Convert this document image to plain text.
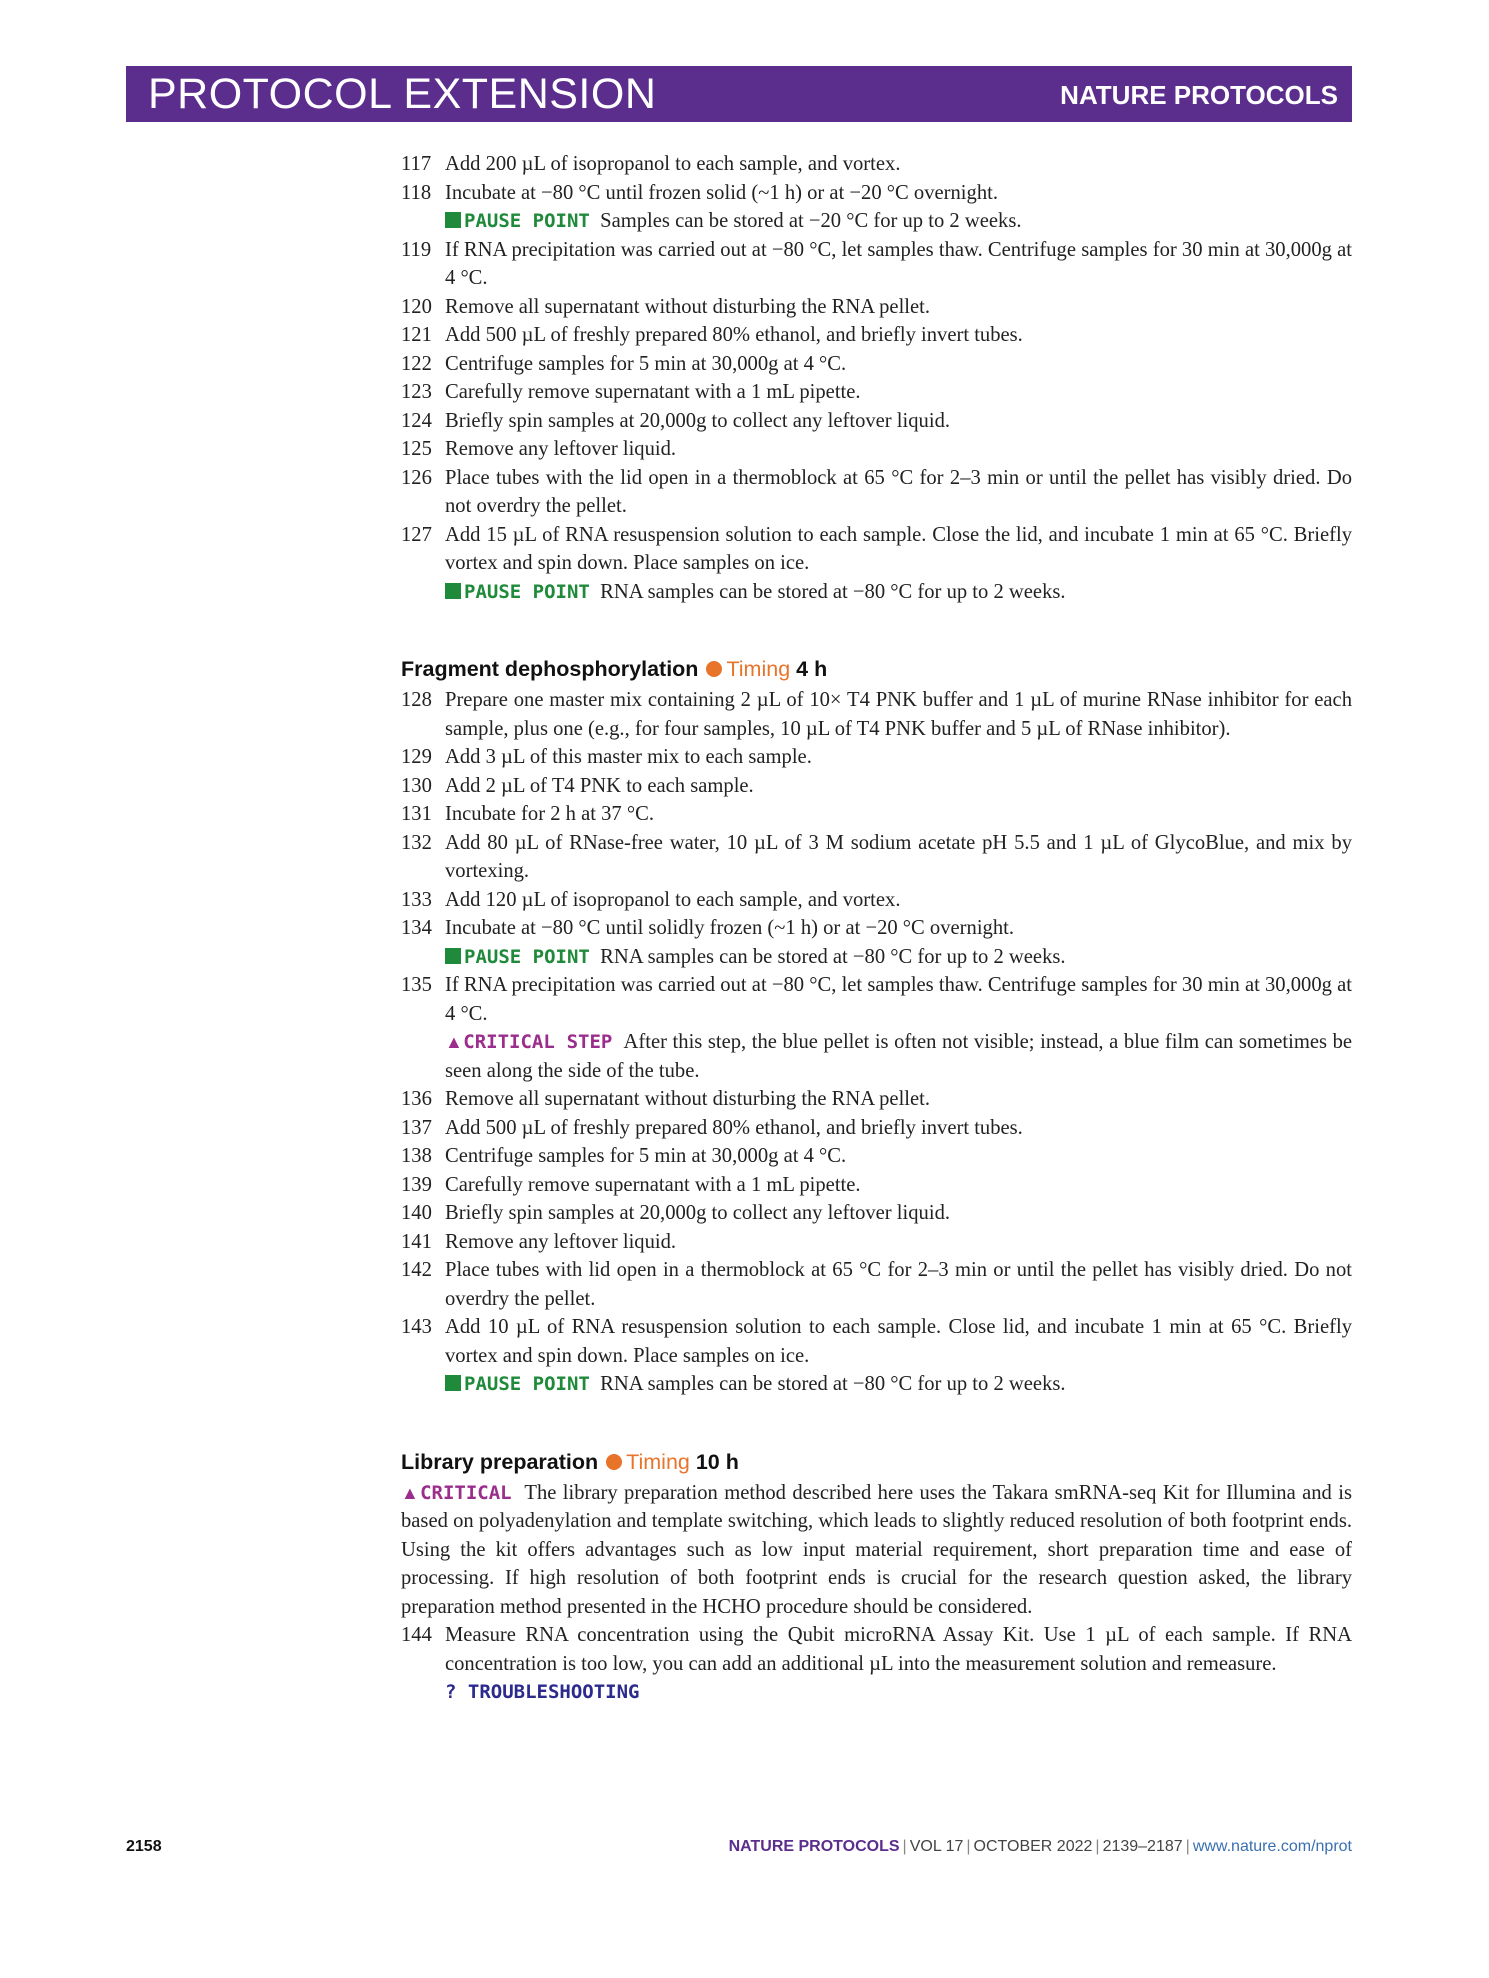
PROTOCOL EXTENSION	NATURE PROTOCOLS
117 Add 200 µL of isopropanol to each sample, and vortex.
118 Incubate at −80 °C until frozen solid (~1 h) or at −20 °C overnight.
PAUSE POINT Samples can be stored at −20 °C for up to 2 weeks.
119 If RNA precipitation was carried out at −80 °C, let samples thaw. Centrifuge samples for 30 min at 30,000g at 4 °C.
120 Remove all supernatant without disturbing the RNA pellet.
121 Add 500 µL of freshly prepared 80% ethanol, and briefly invert tubes.
122 Centrifuge samples for 5 min at 30,000g at 4 °C.
123 Carefully remove supernatant with a 1 mL pipette.
124 Briefly spin samples at 20,000g to collect any leftover liquid.
125 Remove any leftover liquid.
126 Place tubes with the lid open in a thermoblock at 65 °C for 2–3 min or until the pellet has visibly dried. Do not overdry the pellet.
127 Add 15 µL of RNA resuspension solution to each sample. Close the lid, and incubate 1 min at 65 °C. Briefly vortex and spin down. Place samples on ice.
PAUSE POINT RNA samples can be stored at −80 °C for up to 2 weeks.
Fragment dephosphorylation Timing 4 h
128 Prepare one master mix containing 2 µL of 10× T4 PNK buffer and 1 µL of murine RNase inhibitor for each sample, plus one (e.g., for four samples, 10 µL of T4 PNK buffer and 5 µL of RNase inhibitor).
129 Add 3 µL of this master mix to each sample.
130 Add 2 µL of T4 PNK to each sample.
131 Incubate for 2 h at 37 °C.
132 Add 80 µL of RNase-free water, 10 µL of 3 M sodium acetate pH 5.5 and 1 µL of GlycoBlue, and mix by vortexing.
133 Add 120 µL of isopropanol to each sample, and vortex.
134 Incubate at −80 °C until solidly frozen (~1 h) or at −20 °C overnight.
PAUSE POINT RNA samples can be stored at −80 °C for up to 2 weeks.
135 If RNA precipitation was carried out at −80 °C, let samples thaw. Centrifuge samples for 30 min at 30,000g at 4 °C.
▲CRITICAL STEP After this step, the blue pellet is often not visible; instead, a blue film can sometimes be seen along the side of the tube.
136 Remove all supernatant without disturbing the RNA pellet.
137 Add 500 µL of freshly prepared 80% ethanol, and briefly invert tubes.
138 Centrifuge samples for 5 min at 30,000g at 4 °C.
139 Carefully remove supernatant with a 1 mL pipette.
140 Briefly spin samples at 20,000g to collect any leftover liquid.
141 Remove any leftover liquid.
142 Place tubes with lid open in a thermoblock at 65 °C for 2–3 min or until the pellet has visibly dried. Do not overdry the pellet.
143 Add 10 µL of RNA resuspension solution to each sample. Close lid, and incubate 1 min at 65 °C. Briefly vortex and spin down. Place samples on ice.
PAUSE POINT RNA samples can be stored at −80 °C for up to 2 weeks.
Library preparation Timing 10 h
▲CRITICAL The library preparation method described here uses the Takara smRNA-seq Kit for Illumina and is based on polyadenylation and template switching, which leads to slightly reduced resolution of both footprint ends. Using the kit offers advantages such as low input material requirement, short preparation time and ease of processing. If high resolution of both footprint ends is crucial for the research question asked, the library preparation method presented in the HCHO procedure should be considered.
144 Measure RNA concentration using the Qubit microRNA Assay Kit. Use 1 µL of each sample. If RNA concentration is too low, you can add an additional µL into the measurement solution and remeasure.
? TROUBLESHOOTING
2158	NATURE PROTOCOLS | VOL 17 | OCTOBER 2022 | 2139–2187 | www.nature.com/nprot
